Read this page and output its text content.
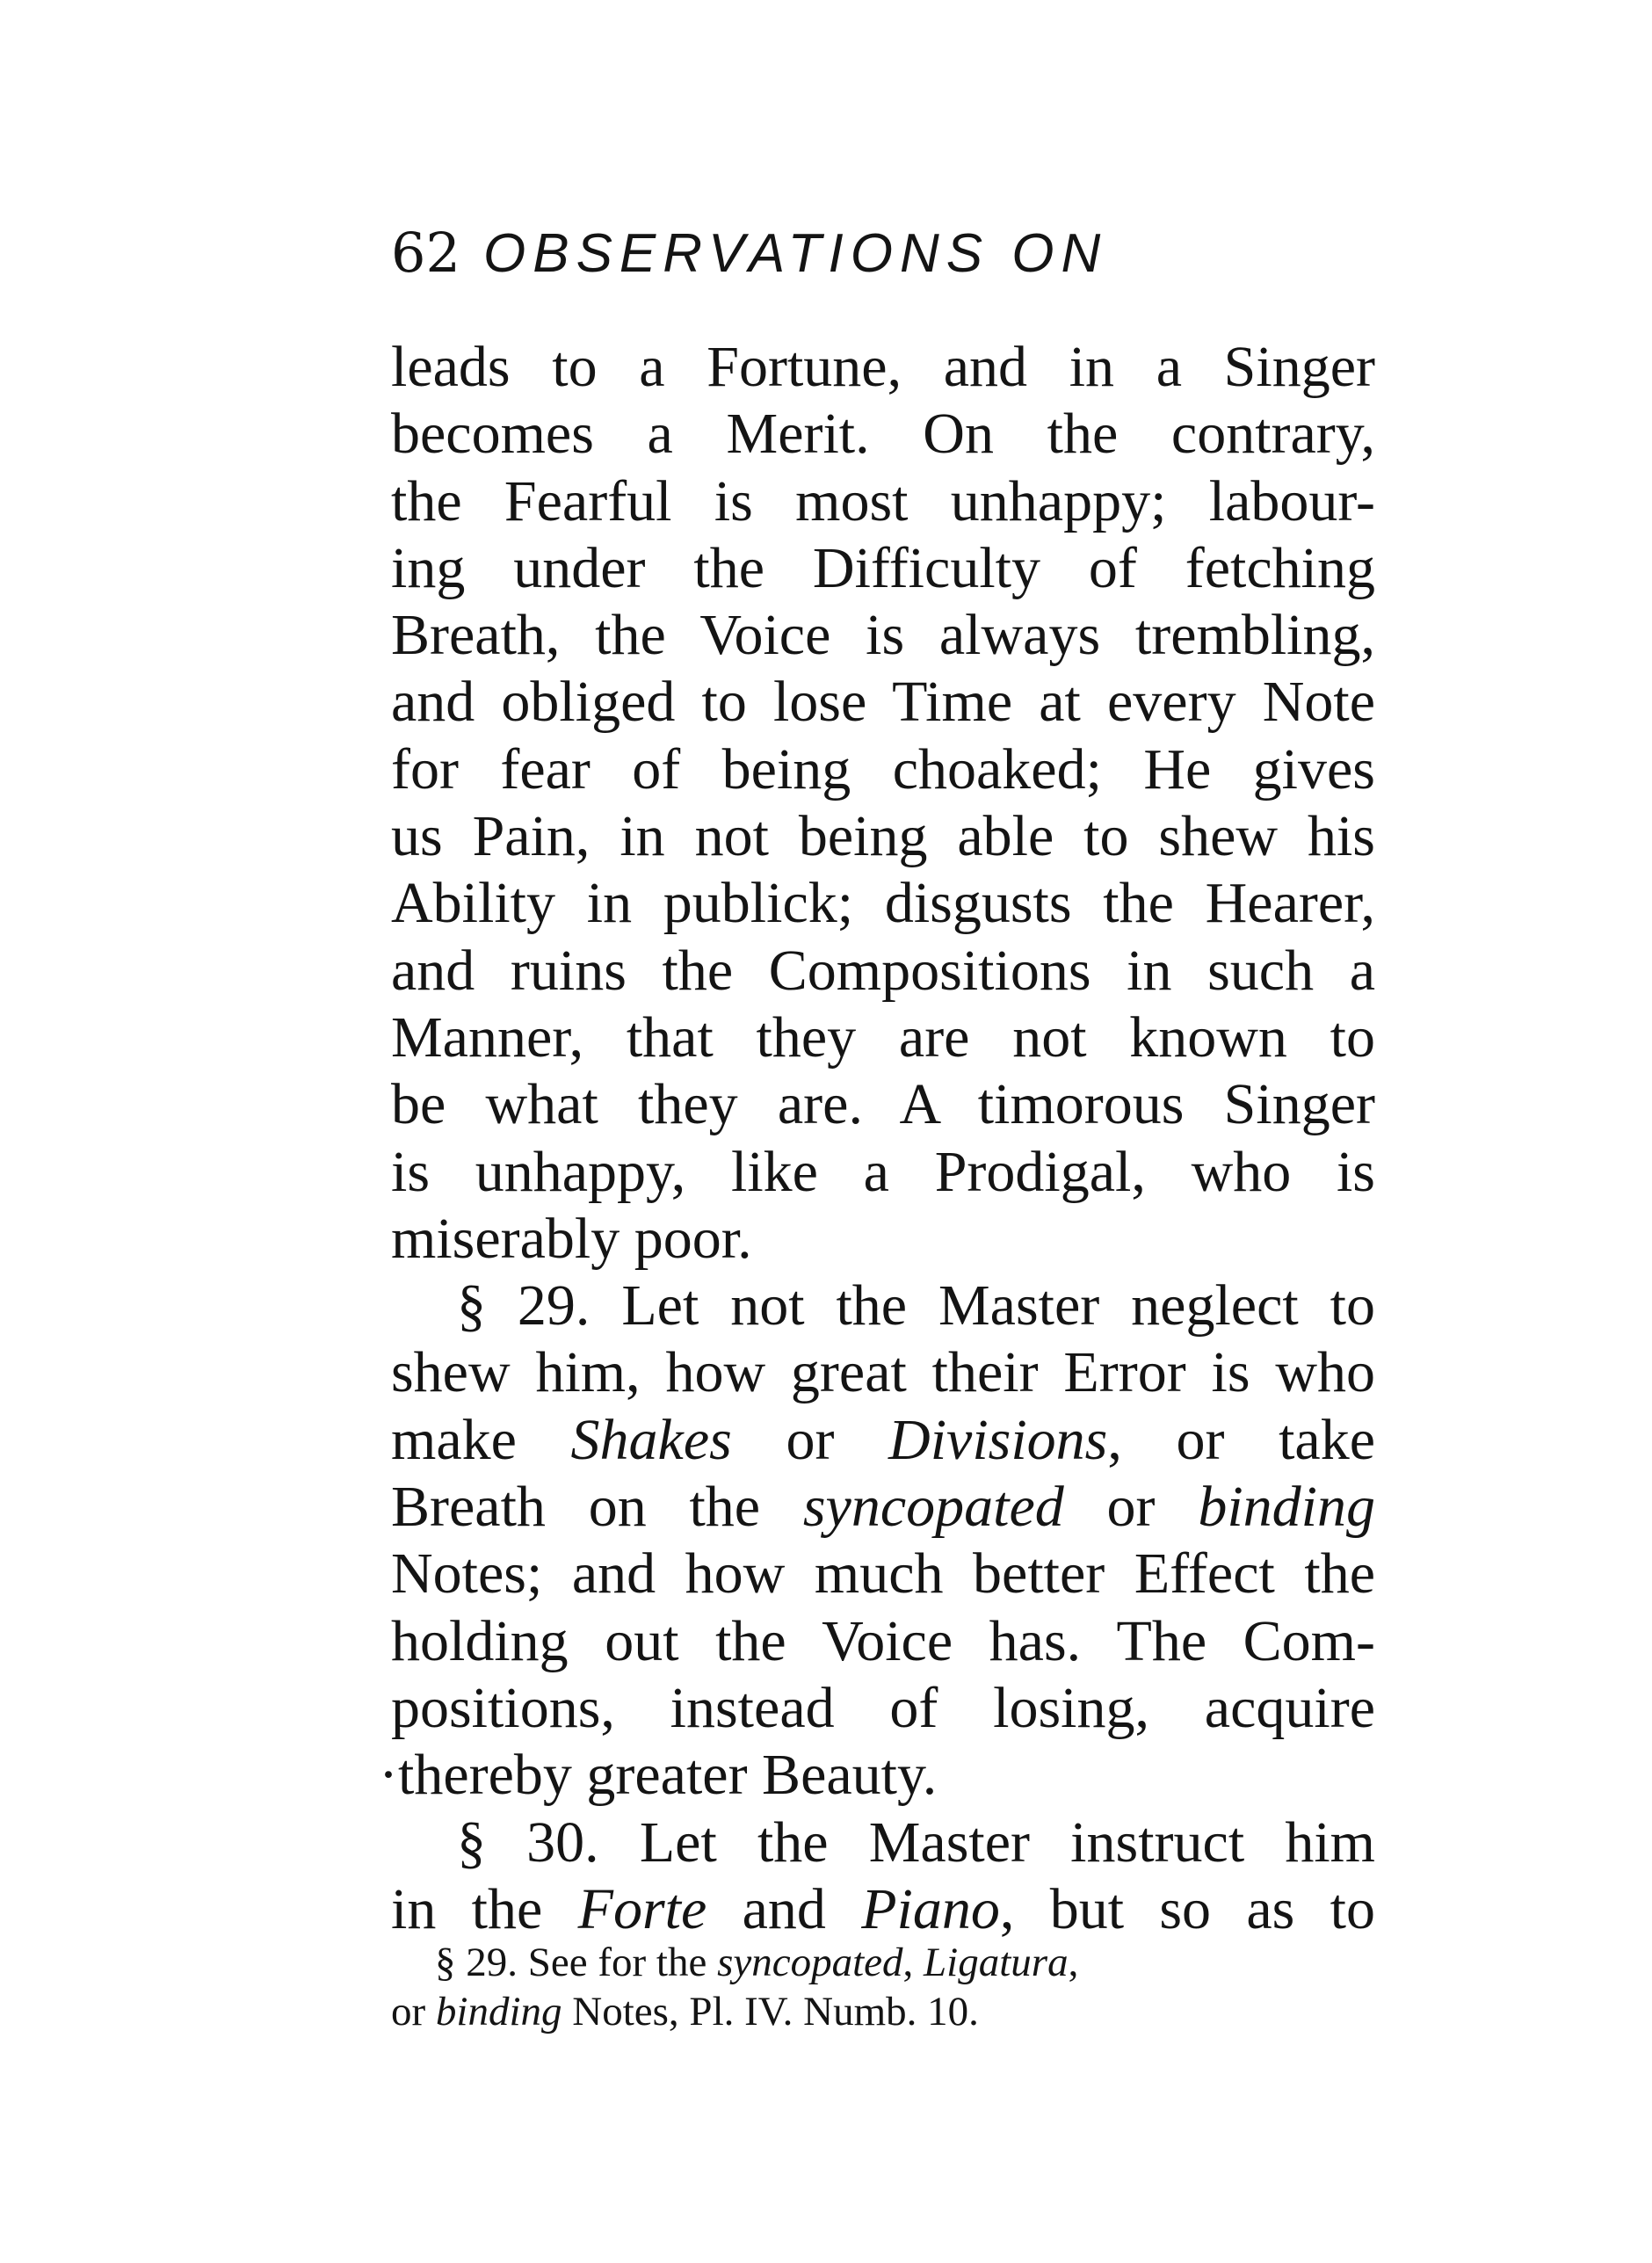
62 OBSERVATIONS ON
leads to a Fortune, and in a Singer
becomes a Merit. On the contrary,
the Fearful is most unhappy; labour-
ing under the Difficulty of fetching
Breath, the Voice is always trembling,
and obliged to lose Time at every Note
for fear of being choaked; He gives
us Pain, in not being able to shew his
Ability in publick; disgusts the Hearer,
and ruins the Compositions in such a
Manner, that they are not known to
be what they are. A timorous Singer
is unhappy, like a Prodigal, who is
miserably poor.
§ 29. Let not the Master neglect to
shew him, how great their Error is who
make Shakes or Divisions, or take
Breath on the syncopated or binding
Notes; and how much better Effect the
holding out the Voice has. The Com-
positions, instead of losing, acquire
·thereby greater Beauty.
§ 30. Let the Master instruct him
in the Forte and Piano, but so as to
§ 29. See for the syncopated, Ligatura,
or binding Notes, Pl. IV. Numb. 10.
